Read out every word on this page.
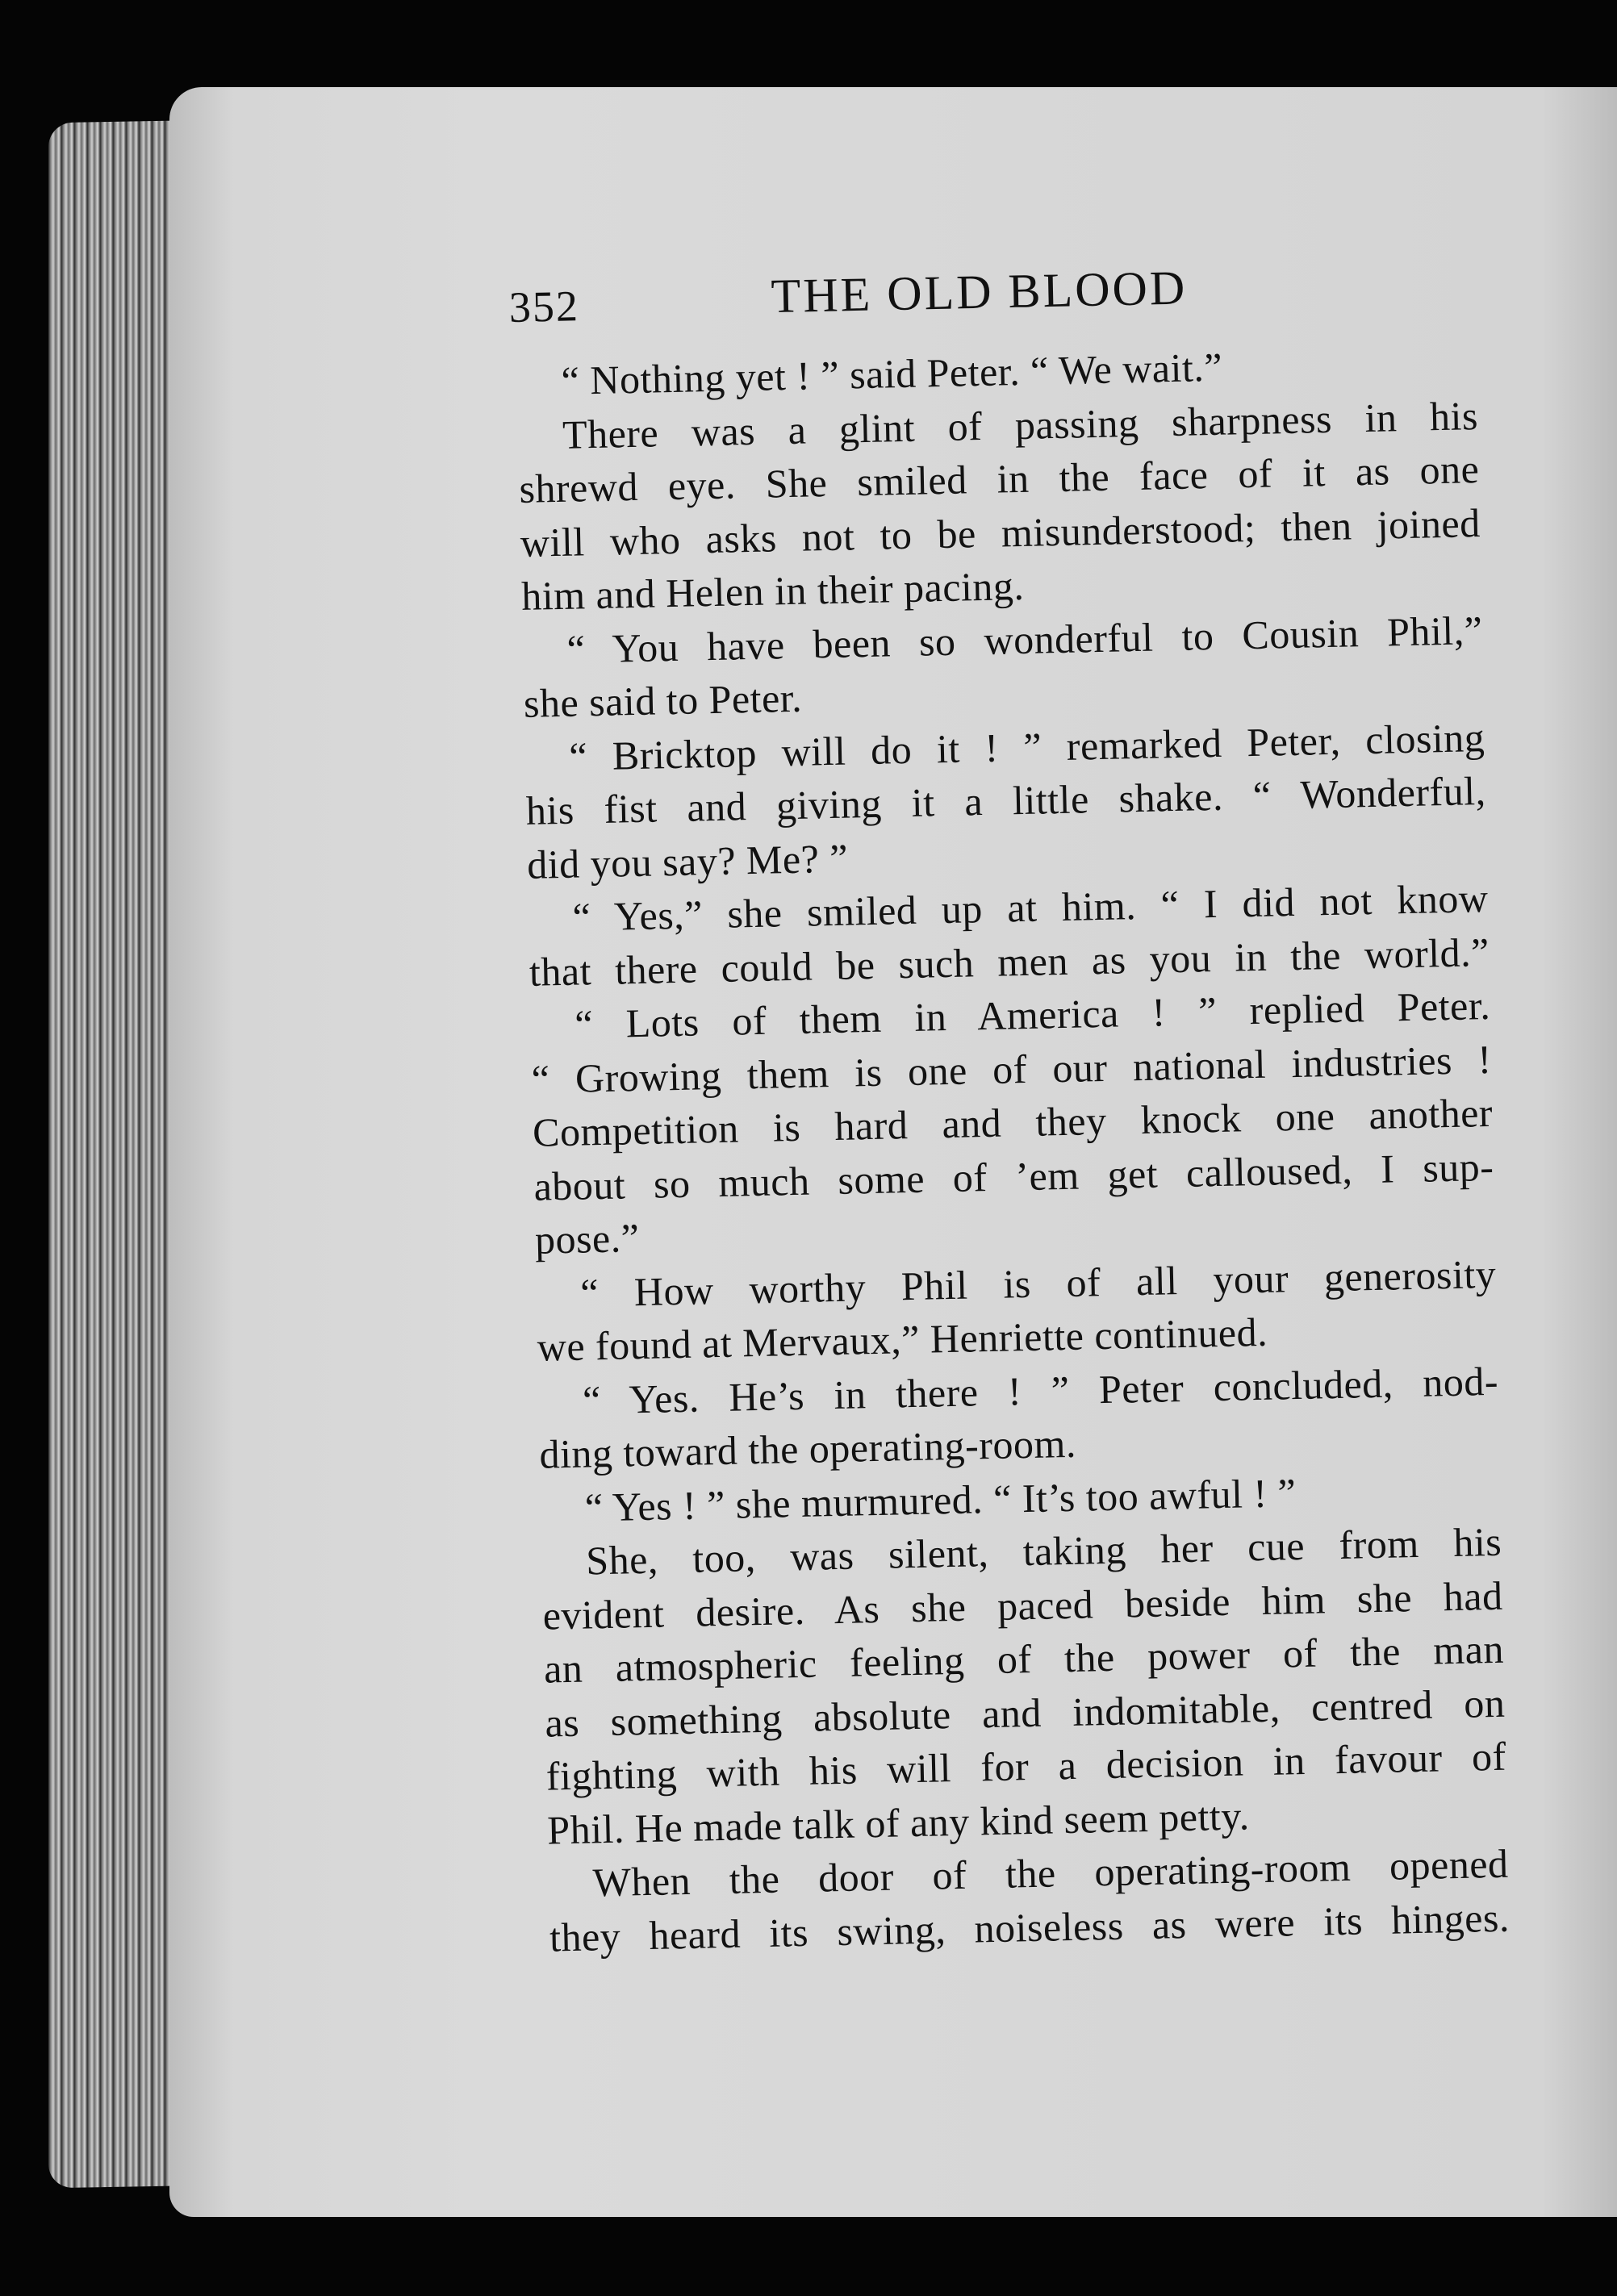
352	THE OLD BLOOD
“ Nothing yet ! ” said Peter. “ We wait.”
There was a glint of passing sharpness in his
shrewd eye. She smiled in the face of it as one
will who asks not to be misunderstood; then joined
him and Helen in their pacing.
“ You have been so wonderful to Cousin Phil,”
she said to Peter.
“ Bricktop will do it ! ” remarked Peter, closing
his fist and giving it a little shake. “ Wonderful,
did you say? Me? ”
“ Yes,” she smiled up at him. “ I did not know
that there could be such men as you in the world.”
“ Lots of them in America ! ” replied Peter.
“ Growing them is one of our national industries !
Competition is hard and they knock one another
about so much some of ’em get calloused, I sup-
pose.”
“ How worthy Phil is of all your generosity
we found at Mervaux,” Henriette continued.
“ Yes. He’s in there ! ” Peter concluded, nod-
ding toward the operating-room.
“ Yes ! ” she murmured. “ It’s too awful ! ”
She, too, was silent, taking her cue from his
evident desire. As she paced beside him she had
an atmospheric feeling of the power of the man
as something absolute and indomitable, centred on
fighting with his will for a decision in favour of
Phil. He made talk of any kind seem petty.
When the door of the operating-room opened
they heard its swing, noiseless as were its hinges.
